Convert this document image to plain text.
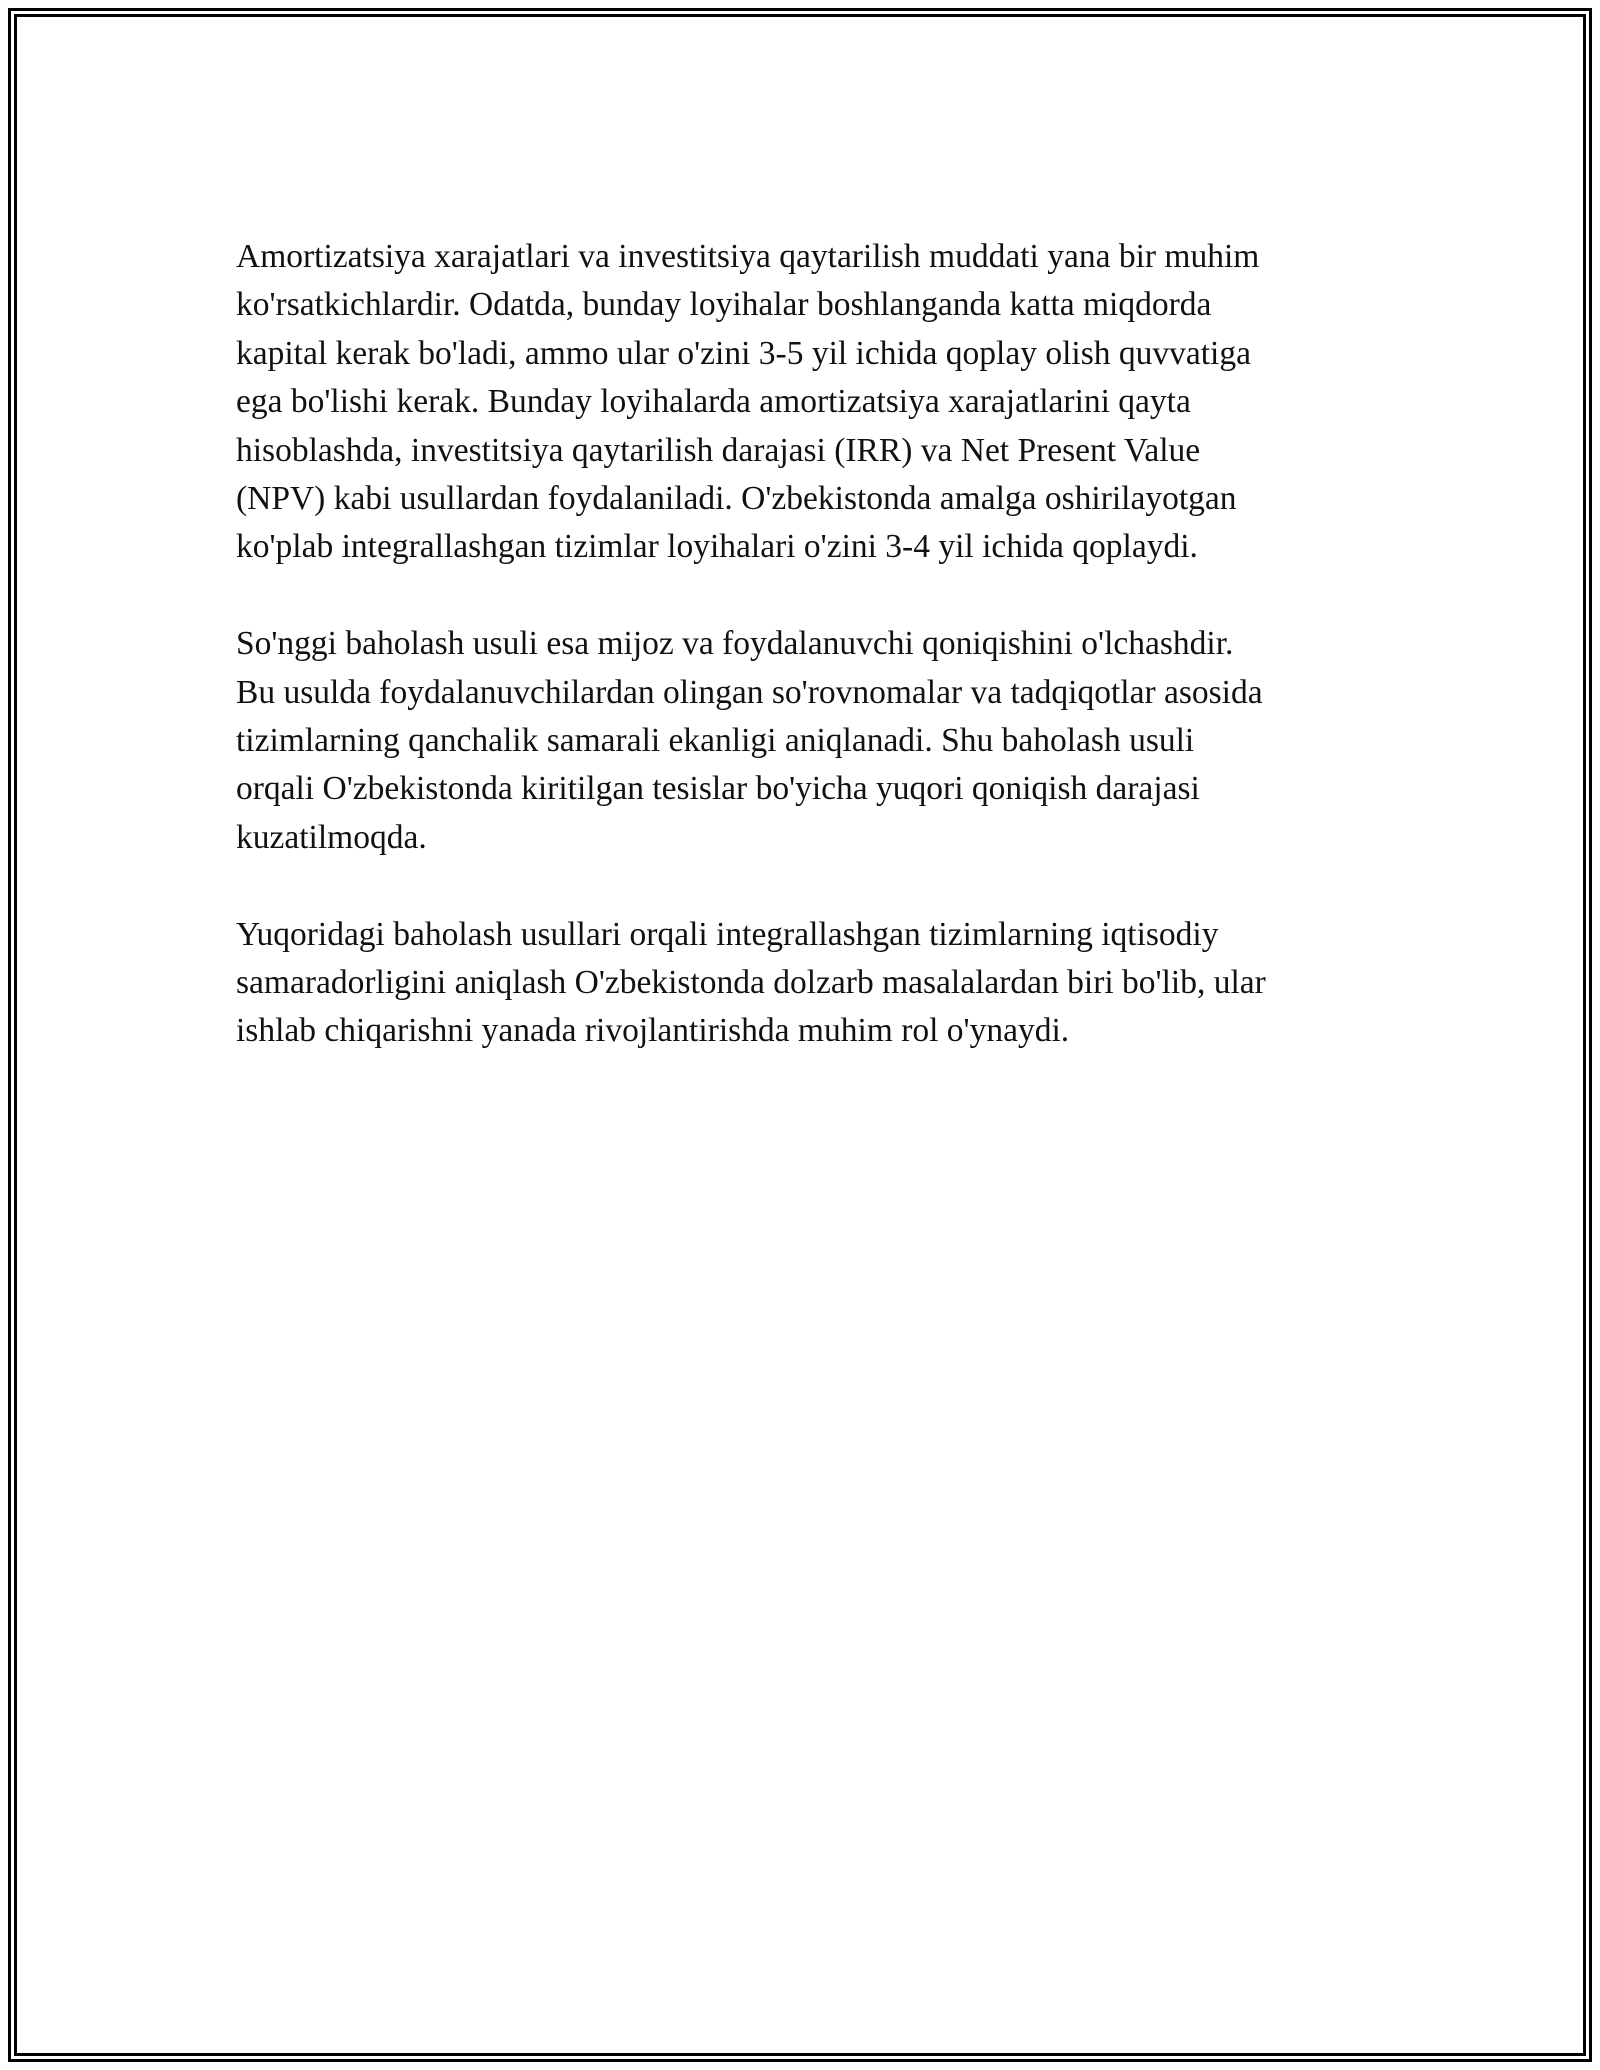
Amortizatsiya xarajatlari va investitsiya qaytarilish muddati yana bir muhim
ko'rsatkichlardir. Odatda, bunday loyihalar boshlanganda katta miqdorda
kapital kerak bo'ladi, ammo ular o'zini 3-5 yil ichida qoplay olish quvvatiga
ega bo'lishi kerak. Bunday loyihalarda amortizatsiya xarajatlarini qayta
hisoblashda, investitsiya qaytarilish darajasi (IRR) va Net Present Value
(NPV) kabi usullardan foydalaniladi. O'zbekistonda amalga oshirilayotgan
ko'plab integrallashgan tizimlar loyihalari o'zini 3-4 yil ichida qoplaydi.

So'nggi baholash usuli esa mijoz va foydalanuvchi qoniqishini o'lchashdir.
Bu usulda foydalanuvchilardan olingan so'rovnomalar va tadqiqotlar asosida
tizimlarning qanchalik samarali ekanligi aniqlanadi. Shu baholash usuli
orqali O'zbekistonda kiritilgan tesislar bo'yicha yuqori qoniqish darajasi
kuzatilmoqda.

Yuqoridagi baholash usullari orqali integrallashgan tizimlarning iqtisodiy
samaradorligini aniqlash O'zbekistonda dolzarb masalalardan biri bo'lib, ular
ishlab chiqarishni yanada rivojlantirishda muhim rol o'ynaydi.
